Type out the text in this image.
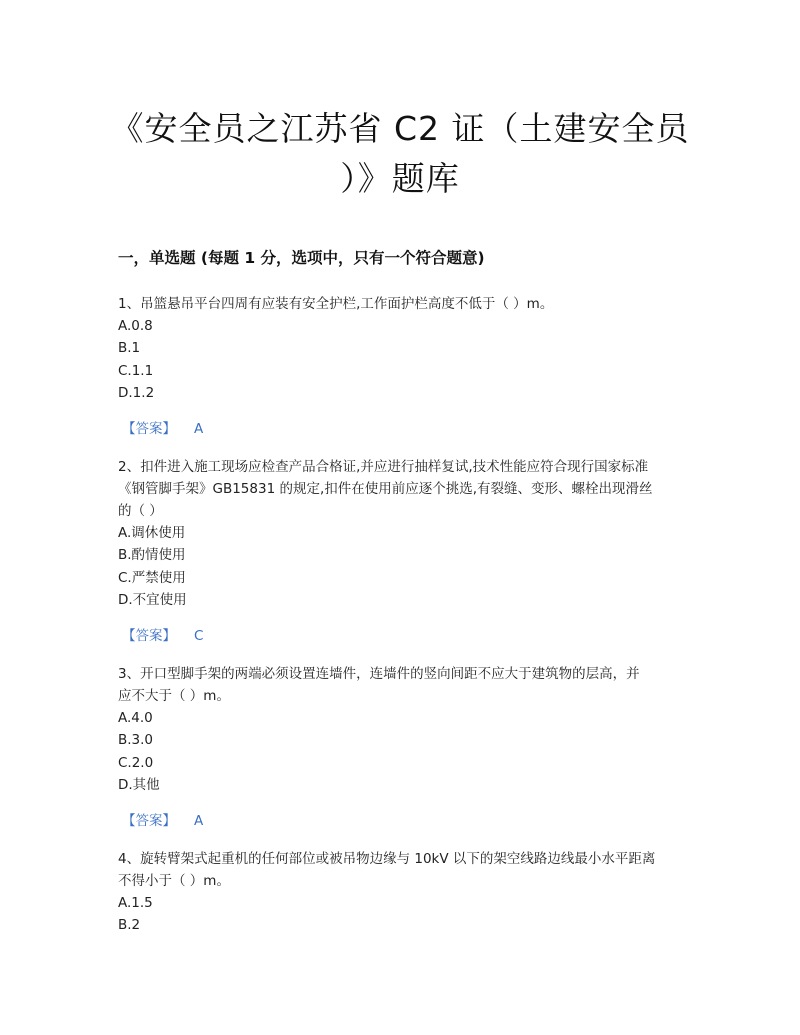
《安全员之江苏省 C2 证（土建安全员
）》题库
一，单选题 (每题 1 分，选项中，只有一个符合题意)
1、吊篮悬吊平台四周有应装有安全护栏,工作面护栏高度不低于（ ）m。
A.0.8
B.1
C.1.1
D.1.2
【答案】 A
2、扣件进入施工现场应检查产品合格证,并应进行抽样复试,技术性能应符合现行国家标准
《钢管脚手架》GB15831 的规定,扣件在使用前应逐个挑选,有裂缝、变形、螺栓出现滑丝
的（ ）
A.调休使用
B.酌情使用
C.严禁使用
D.不宜使用
【答案】 C
3、开口型脚手架的两端必须设置连墙件，连墙件的竖向间距不应大于建筑物的层高，并
应不大于（ ）m。
A.4.0
B.3.0
C.2.0
D.其他
【答案】 A
4、旋转臂架式起重机的任何部位或被吊物边缘与 10kV 以下的架空线路边线最小水平距离
不得小于（ ）m。
A.1.5
B.2
